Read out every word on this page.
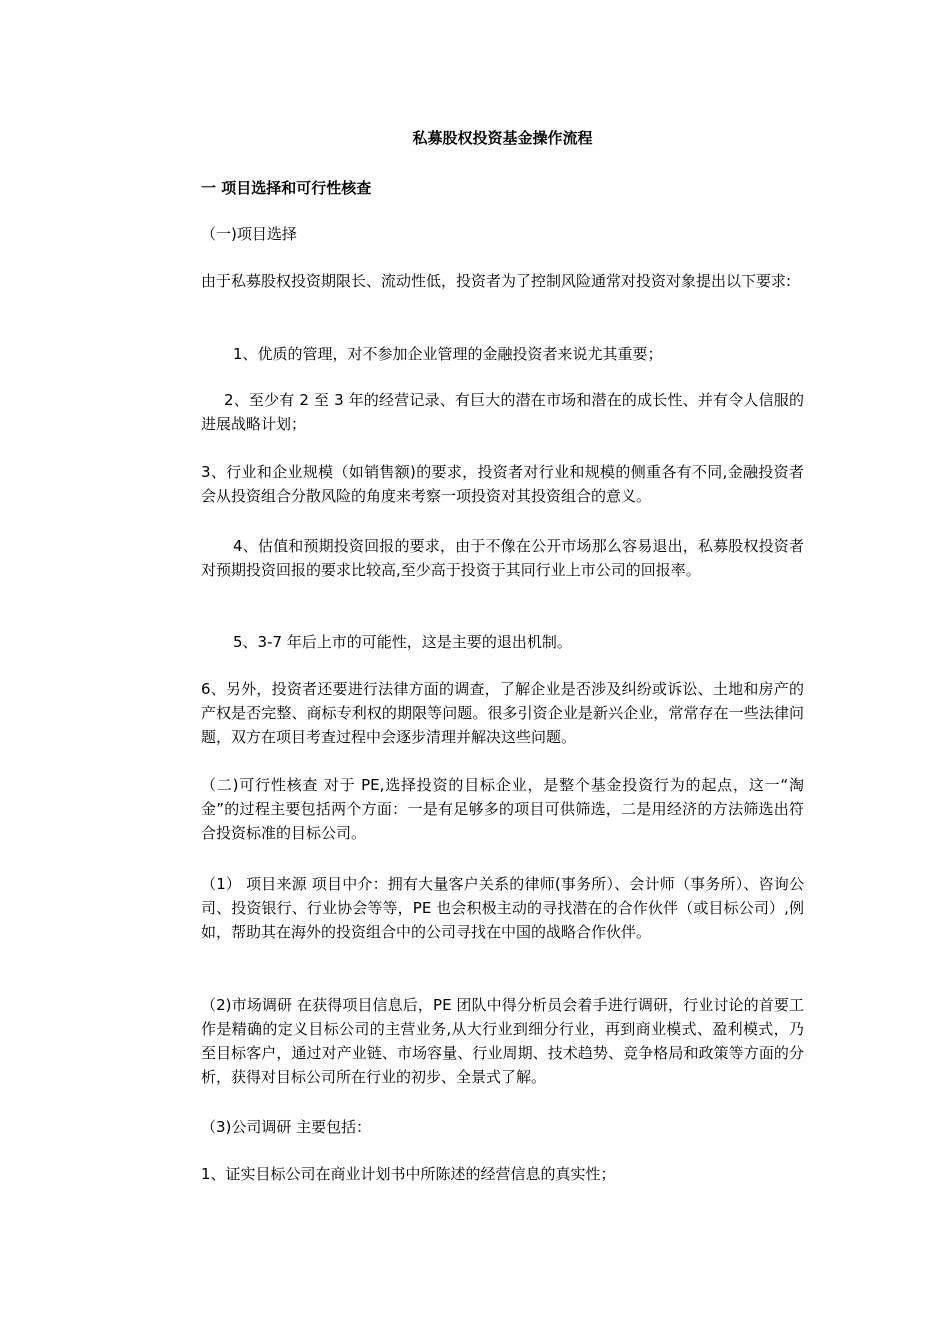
私募股权投资基金操作流程
一 项目选择和可行性核查
（一)项目选择
由于私募股权投资期限长、流动性低，投资者为了控制风险通常对投资对象提出以下要求:
1、优质的管理，对不参加企业管理的金融投资者来说尤其重要；
2、至少有 2 至 3 年的经营记录、有巨大的潜在市场和潜在的成长性、并有令人信服的进展战略计划；
3、行业和企业规模（如销售额)的要求，投资者对行业和规模的侧重各有不同,金融投资者会从投资组合分散风险的角度来考察一项投资对其投资组合的意义。
4、估值和预期投资回报的要求，由于不像在公开市场那么容易退出，私募股权投资者对预期投资回报的要求比较高,至少高于投资于其同行业上市公司的回报率。
5、3-7 年后上市的可能性，这是主要的退出机制。
6、另外，投资者还要进行法律方面的调查，了解企业是否涉及纠纷或诉讼、土地和房产的产权是否完整、商标专利权的期限等问题。很多引资企业是新兴企业，常常存在一些法律问题，双方在项目考查过程中会逐步清理并解决这些问题。
（二)可行性核查 对于 PE,选择投资的目标企业，是整个基金投资行为的起点，这一“淘金”的过程主要包括两个方面：一是有足够多的项目可供筛选，二是用经济的方法筛选出符合投资标准的目标公司。
（1） 项目来源 项目中介：拥有大量客户关系的律师(事务所）、会计师（事务所）、咨询公司、投资银行、行业协会等等，PE 也会积极主动的寻找潜在的合作伙伴（或目标公司）,例如，帮助其在海外的投资组合中的公司寻找在中国的战略合作伙伴。
（2)市场调研 在获得项目信息后，PE 团队中得分析员会着手进行调研，行业讨论的首要工作是精确的定义目标公司的主营业务,从大行业到细分行业，再到商业模式、盈利模式，乃至目标客户，通过对产业链、市场容量、行业周期、技术趋势、竞争格局和政策等方面的分析，获得对目标公司所在行业的初步、全景式了解。
（3)公司调研 主要包括：
1、证实目标公司在商业计划书中所陈述的经营信息的真实性；
